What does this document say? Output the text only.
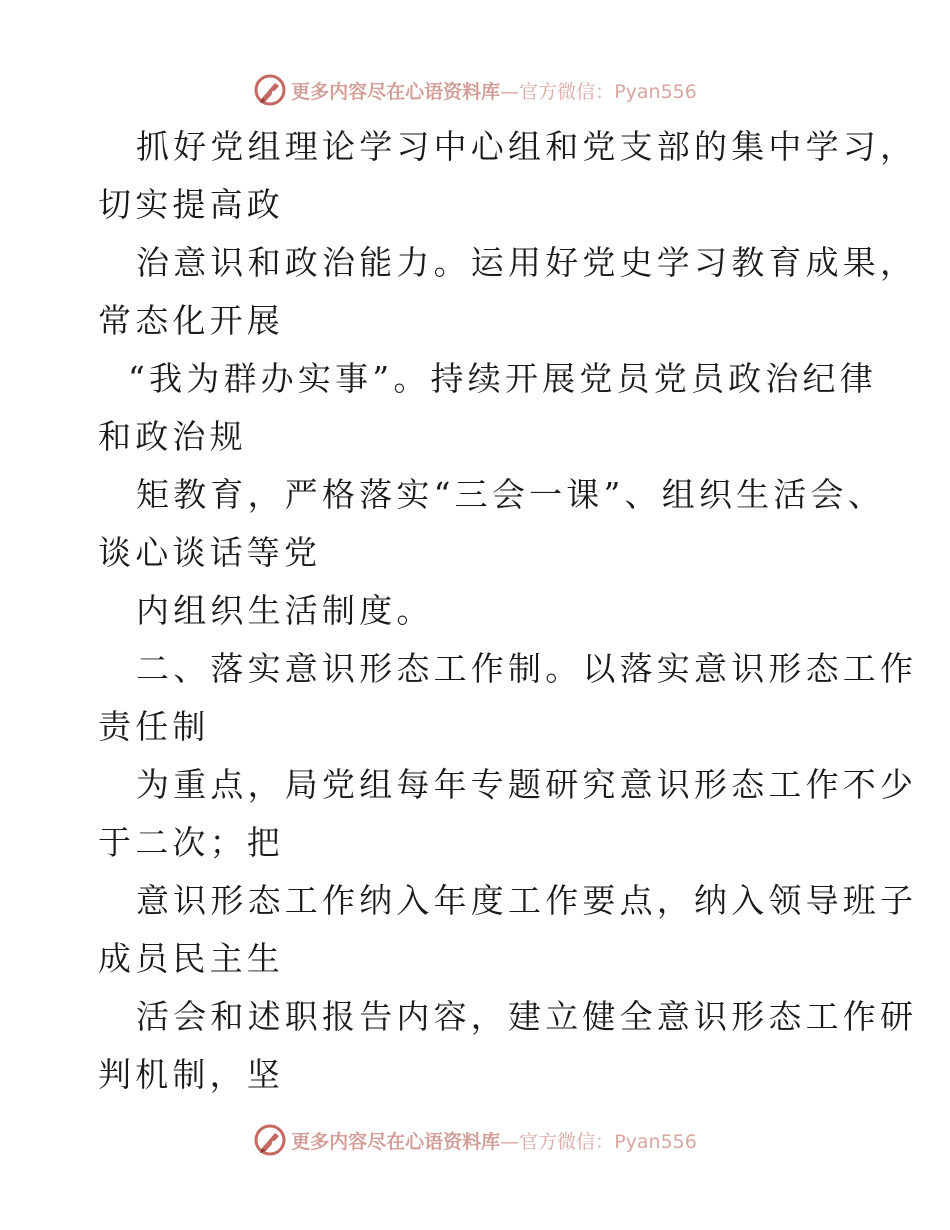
更多内容尽在心语资料库—官方微信：Pyan556
抓好党组理论学习中心组和党支部的集中学习，
切实提高政
治意识和政治能力。运用好党史学习教育成果，
常态化开展
“我为群办实事”。持续开展党员党员政治纪律
和政治规
矩教育，严格落实“三会一课”、组织生活会、
谈心谈话等党
内组织生活制度。
二、落实意识形态工作制。以落实意识形态工作
责任制
为重点，局党组每年专题研究意识形态工作不少
于二次；把
意识形态工作纳入年度工作要点，纳入领导班子
成员民主生
活会和述职报告内容，建立健全意识形态工作研
判机制，坚
更多内容尽在心语资料库—官方微信：Pyan556
